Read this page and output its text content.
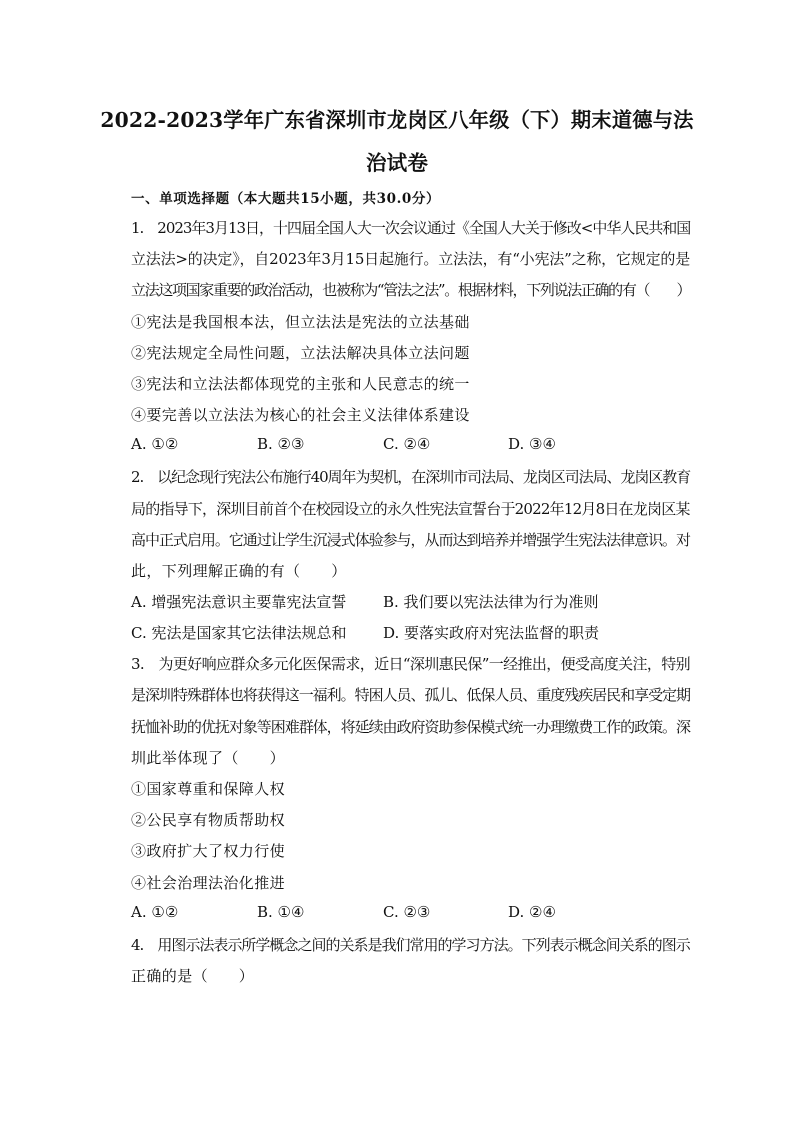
2022-2023学年广东省深圳市龙岗区八年级（下）期末道德与法
治试卷
一、单项选择题（本大题共15小题，共30.0分）
1.　2023年3月13日，十四届全国人大一次会议通过《全国人大关于修改<中华人民共和国
立法法>的决定》，自2023年3月15日起施行。立法法，有“小宪法”之称，它规定的是
立法这项国家重要的政治活动，也被称为“管法之法”。根据材料，下列说法正确的有（　　）
①宪法是我国根本法，但立法法是宪法的立法基础
②宪法规定全局性问题，立法法解决具体立法问题
③宪法和立法法都体现党的主张和人民意志的统一
④要完善以立法法为核心的社会主义法律体系建设
A. ①②	B. ②③	C. ②④	D. ③④
2.　以纪念现行宪法公布施行40周年为契机，在深圳市司法局、龙岗区司法局、龙岗区教育
局的指导下，深圳目前首个在校园设立的永久性宪法宣誓台于2022年12月8日在龙岗区某
高中正式启用。它通过让学生沉浸式体验参与，从而达到培养并增强学生宪法法律意识。对
此，下列理解正确的有（　　）
A. 增强宪法意识主要靠宪法宣誓 B. 我们要以宪法法律为行为准则
C. 宪法是国家其它法律法规总和 D. 要落实政府对宪法监督的职责
3.　为更好响应群众多元化医保需求，近日“深圳惠民保”一经推出，便受高度关注，特别
是深圳特殊群体也将获得这一福利。特困人员、孤儿、低保人员、重度残疾居民和享受定期
抚恤补助的优抚对象等困难群体，将延续由政府资助参保模式统一办理缴费工作的政策。深
圳此举体现了（　　）
①国家尊重和保障人权
②公民享有物质帮助权
③政府扩大了权力行使
④社会治理法治化推进
A. ①②	B. ①④	C. ②③	D. ②④
4.　用图示法表示所学概念之间的关系是我们常用的学习方法。下列表示概念间关系的图示
正确的是（　　）
